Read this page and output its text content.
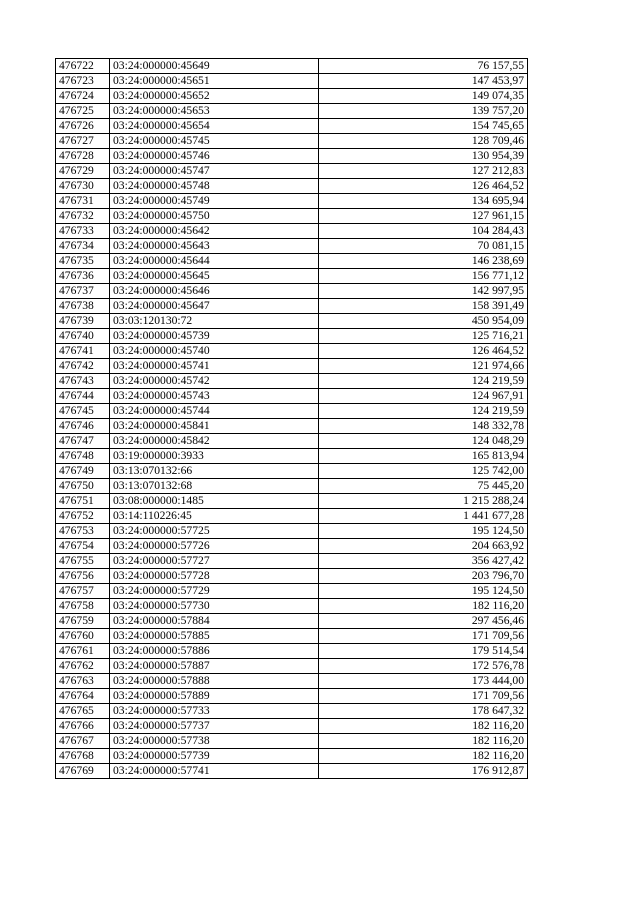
476722	03:24:000000:45649	76 157,55
476723	03:24:000000:45651	147 453,97
476724	03:24:000000:45652	149 074,35
476725	03:24:000000:45653	139 757,20
476726	03:24:000000:45654	154 745,65
476727	03:24:000000:45745	128 709,46
476728	03:24:000000:45746	130 954,39
476729	03:24:000000:45747	127 212,83
476730	03:24:000000:45748	126 464,52
476731	03:24:000000:45749	134 695,94
476732	03:24:000000:45750	127 961,15
476733	03:24:000000:45642	104 284,43
476734	03:24:000000:45643	70 081,15
476735	03:24:000000:45644	146 238,69
476736	03:24:000000:45645	156 771,12
476737	03:24:000000:45646	142 997,95
476738	03:24:000000:45647	158 391,49
476739	03:03:120130:72	450 954,09
476740	03:24:000000:45739	125 716,21
476741	03:24:000000:45740	126 464,52
476742	03:24:000000:45741	121 974,66
476743	03:24:000000:45742	124 219,59
476744	03:24:000000:45743	124 967,91
476745	03:24:000000:45744	124 219,59
476746	03:24:000000:45841	148 332,78
476747	03:24:000000:45842	124 048,29
476748	03:19:000000:3933	165 813,94
476749	03:13:070132:66	125 742,00
476750	03:13:070132:68	75 445,20
476751	03:08:000000:1485	1 215 288,24
476752	03:14:110226:45	1 441 677,28
476753	03:24:000000:57725	195 124,50
476754	03:24:000000:57726	204 663,92
476755	03:24:000000:57727	356 427,42
476756	03:24:000000:57728	203 796,70
476757	03:24:000000:57729	195 124,50
476758	03:24:000000:57730	182 116,20
476759	03:24:000000:57884	297 456,46
476760	03:24:000000:57885	171 709,56
476761	03:24:000000:57886	179 514,54
476762	03:24:000000:57887	172 576,78
476763	03:24:000000:57888	173 444,00
476764	03:24:000000:57889	171 709,56
476765	03:24:000000:57733	178 647,32
476766	03:24:000000:57737	182 116,20
476767	03:24:000000:57738	182 116,20
476768	03:24:000000:57739	182 116,20
476769	03:24:000000:57741	176 912,87
